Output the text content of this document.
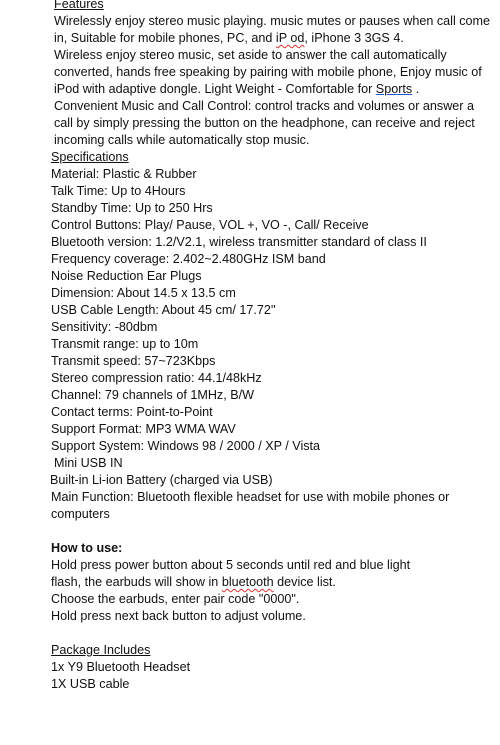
Features
Wirelessly enjoy stereo music playing. music mutes or pauses when call come in, Suitable for mobile phones, PC, and iP od, iPhone 3 3GS 4.
Wireless enjoy stereo music, set aside to answer the call automatically converted, hands free speaking by pairing with mobile phone, Enjoy music of iPod with adaptive dongle. Light Weight - Comfortable for Sports .
Convenient Music and Call Control: control tracks and volumes or answer a call by simply pressing the button on the headphone, can receive and reject incoming calls while automatically stop music.
Specifications
Material: Plastic & Rubber
Talk Time: Up to 4Hours
Standby Time: Up to 250 Hrs
Control Buttons: Play/ Pause, VOL +, VO -, Call/ Receive
Bluetooth version: 1.2/V2.1, wireless transmitter standard of class II
Frequency coverage: 2.402~2.480GHz ISM band
Noise Reduction Ear Plugs
Dimension: About 14.5 x 13.5 cm
USB Cable Length: About 45 cm/ 17.72''
Sensitivity: -80dbm
Transmit range: up to 10m
Transmit speed: 57~723Kbps
Stereo compression ratio: 44.1/48kHz
Channel: 79 channels of 1MHz, B/W
Contact terms: Point-to-Point
Support Format: MP3 WMA WAV
Support System: Windows 98 / 2000 / XP / Vista
Mini USB IN
Built-in Li-ion Battery (charged via USB)
Main Function: Bluetooth flexible headset for use with mobile phones or computers
How to use:
Hold press power button about 5 seconds until red and blue light
flash, the earbuds will show in bluetooth device list.
Choose the earbuds, enter pair code "0000".
Hold press next back button to adjust volume.
Package Includes
1x Y9 Bluetooth Headset
1X USB cable
